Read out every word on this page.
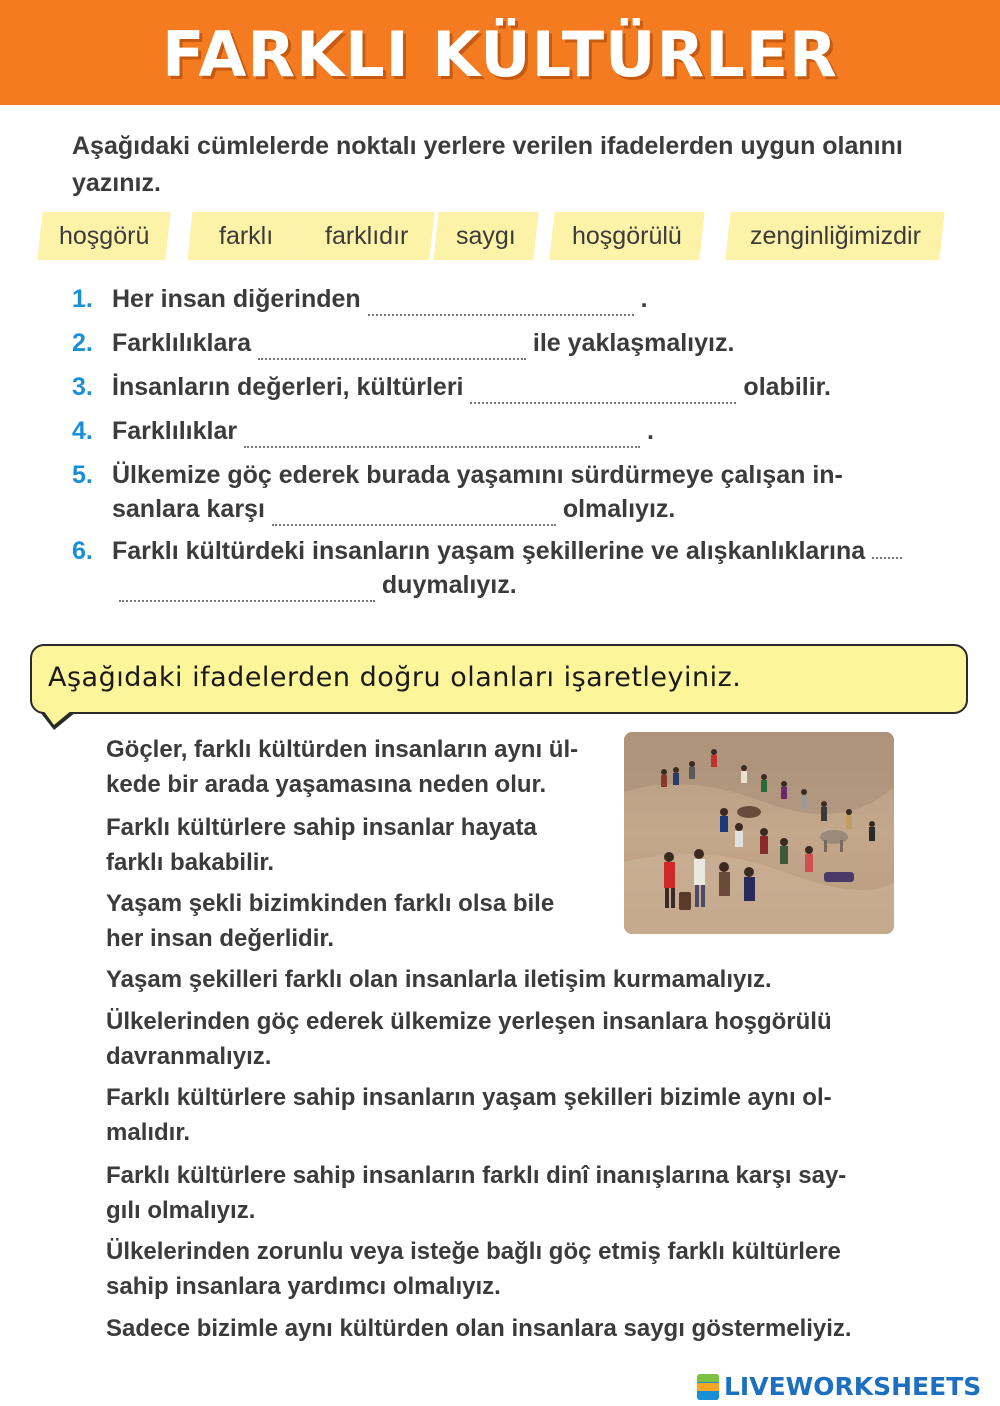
FARKLI KÜLTÜRLER
Aşağıdaki cümlelerde noktalı yerlere verilen ifadelerden uygun olanını yazınız.
hoşgörü	farklı	farklıdır	saygı	hoşgörülü	zenginliğimizdir
1. Her insan diğerinden	.
2. Farklılıklara	ile yaklaşmalıyız.
3. İnsanların değerleri, kültürleri	olabilir.
4. Farklılıklar	.
5. Ülkemize göç ederek burada yaşamını sürdürmeye çalışan in-
sanlara karşı	olmalıyız.
6. Farklı kültürdeki insanların yaşam şekillerine ve alışkanlıklarına
duymalıyız.
Aşağıdaki ifadelerden doğru olanları işaretleyiniz.
Göçler, farklı kültürden insanların aynı ül-
kede bir arada yaşamasına neden olur.
Farklı kültürlere sahip insanlar hayata
farklı bakabilir.
Yaşam şekli bizimkinden farklı olsa bile
her insan değerlidir.
Yaşam şekilleri farklı olan insanlarla iletişim kurmamalıyız.
Ülkelerinden göç ederek ülkemize yerleşen insanlara hoşgörülü
davranmalıyız.
Farklı kültürlere sahip insanların yaşam şekilleri bizimle aynı ol-
malıdır.
Farklı kültürlere sahip insanların farklı dinî inanışlarına karşı say-
gılı olmalıyız.
Ülkelerinden zorunlu veya isteğe bağlı göç etmiş farklı kültürlere
sahip insanlara yardımcı olmalıyız.
Sadece bizimle aynı kültürden olan insanlara saygı göstermeliyiz.
LIVEWORKSHEETS
